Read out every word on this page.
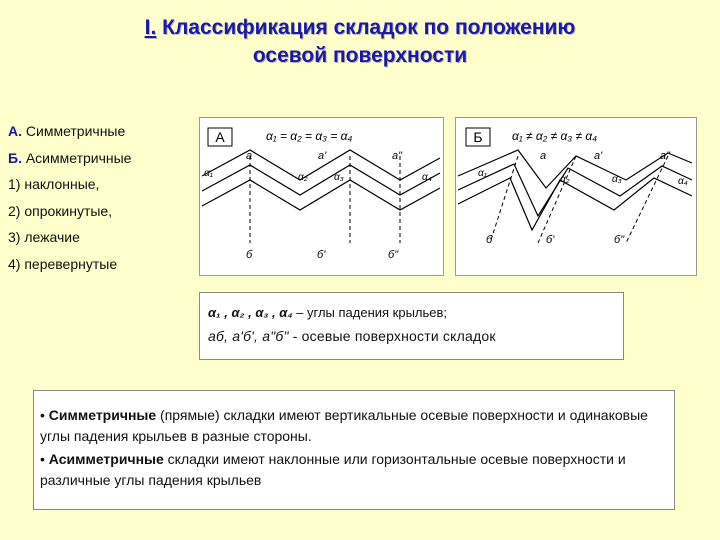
I. Классификация складок по положению
осевой поверхности
А. Симметричные
Б. Асимметричные
1) наклонные,
2) опрокинутые,
3) лежачие
4) перевернутые
А	α₁ = α₂ = α₃ = α₄
а	а'	а"
б	б'	б"
α₁	α₂	α₃	α₄
Б α₁ ≠ α₂ ≠ α₃ ≠ α₄
а	а'	а"
б	б'	б"
α₁
α₂	α₃	α₄
α₁ , α₂ , α₃ , α₄ – углы падения крыльев;
аб, а'б', а"б" - осевые поверхности складок
• Симметричные (прямые) складки имеют вертикальные осевые поверхности и одинаковые углы падения крыльев в разные стороны.
• Асимметричные складки имеют наклонные или горизонтальные осевые поверхности и различные углы падения крыльев
